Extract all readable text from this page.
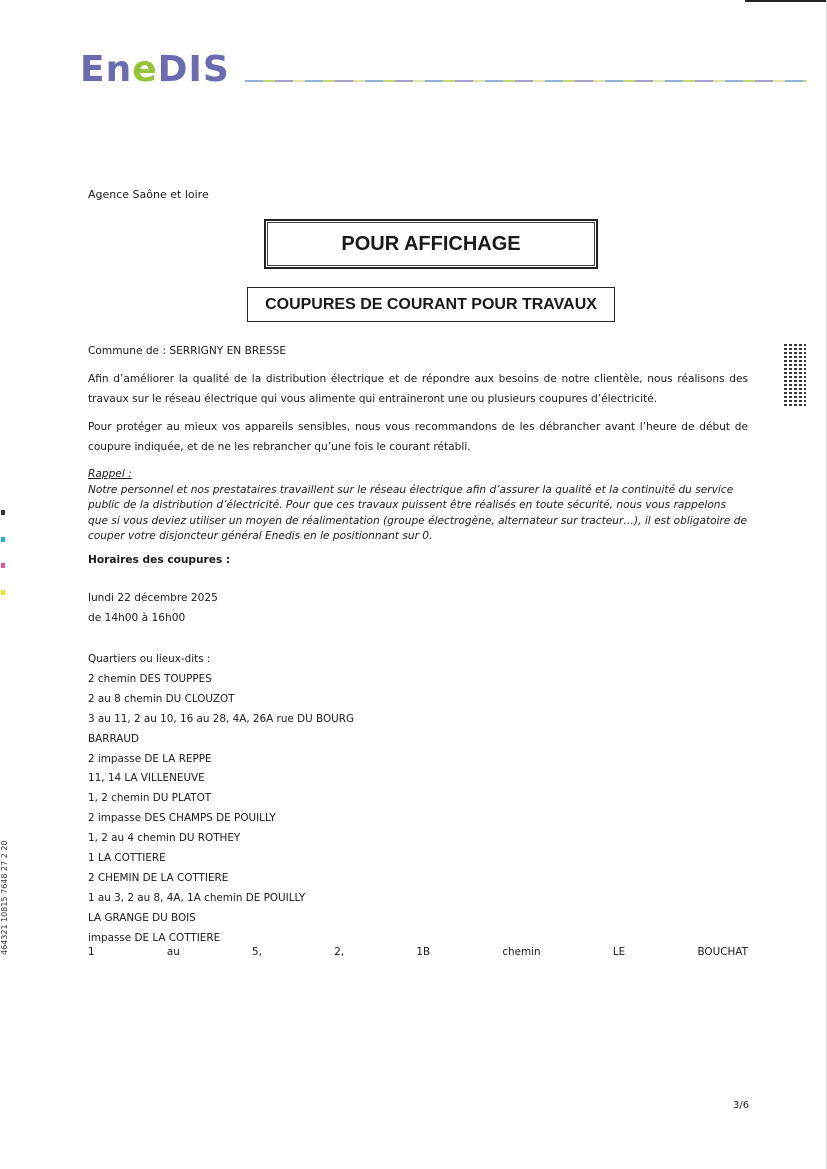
EneDIS
Agence Saône et loire
POUR AFFICHAGE
COUPURES DE COURANT POUR TRAVAUX
Commune de : SERRIGNY EN BRESSE
Afin d’améliorer la qualité de la distribution électrique et de répondre aux besoins de notre clientèle, nous réalisons des travaux sur le réseau électrique qui vous alimente qui entraineront une ou plusieurs coupures d’électricité.
Pour protéger au mieux vos appareils sensibles, nous vous recommandons de les débrancher avant l’heure de début de coupure indiquée, et de ne les rebrancher qu’une fois le courant rétabli.
Rappel :
Notre personnel et nos prestataires travaillent sur le réseau électrique afin d’assurer la qualité et la continuité du service public de la distribution d’électricité. Pour que ces travaux puissent être réalisés en toute sécurité, nous vous rappelons que si vous deviez utiliser un moyen de réalimentation (groupe électrogène, alternateur sur tracteur…), il est obligatoire de couper votre disjoncteur général Enedis en le positionnant sur 0.
Horaires des coupures :
lundi 22 décembre 2025
de 14h00 à 16h00
Quartiers ou lieux-dits :
2 chemin DES TOUPPES
2 au 8 chemin DU CLOUZOT
3 au 11, 2 au 10, 16 au 28, 4A, 26A rue DU BOURG
BARRAUD
2 impasse DE LA REPPE
11, 14 LA VILLENEUVE
1, 2 chemin DU PLATOT
2 impasse DES CHAMPS DE POUILLY
1, 2 au 4 chemin DU ROTHEY
1 LA COTTIERE
2 CHEMIN DE LA COTTIERE
1 au 3, 2 au 8, 4A, 1A chemin DE POUILLY
LA GRANGE DU BOIS
impasse DE LA COTTIERE
1	au	5,	2,	1B	chemin	LE	BOUCHAT
3/6
464321 10815 7648 27 2 20
